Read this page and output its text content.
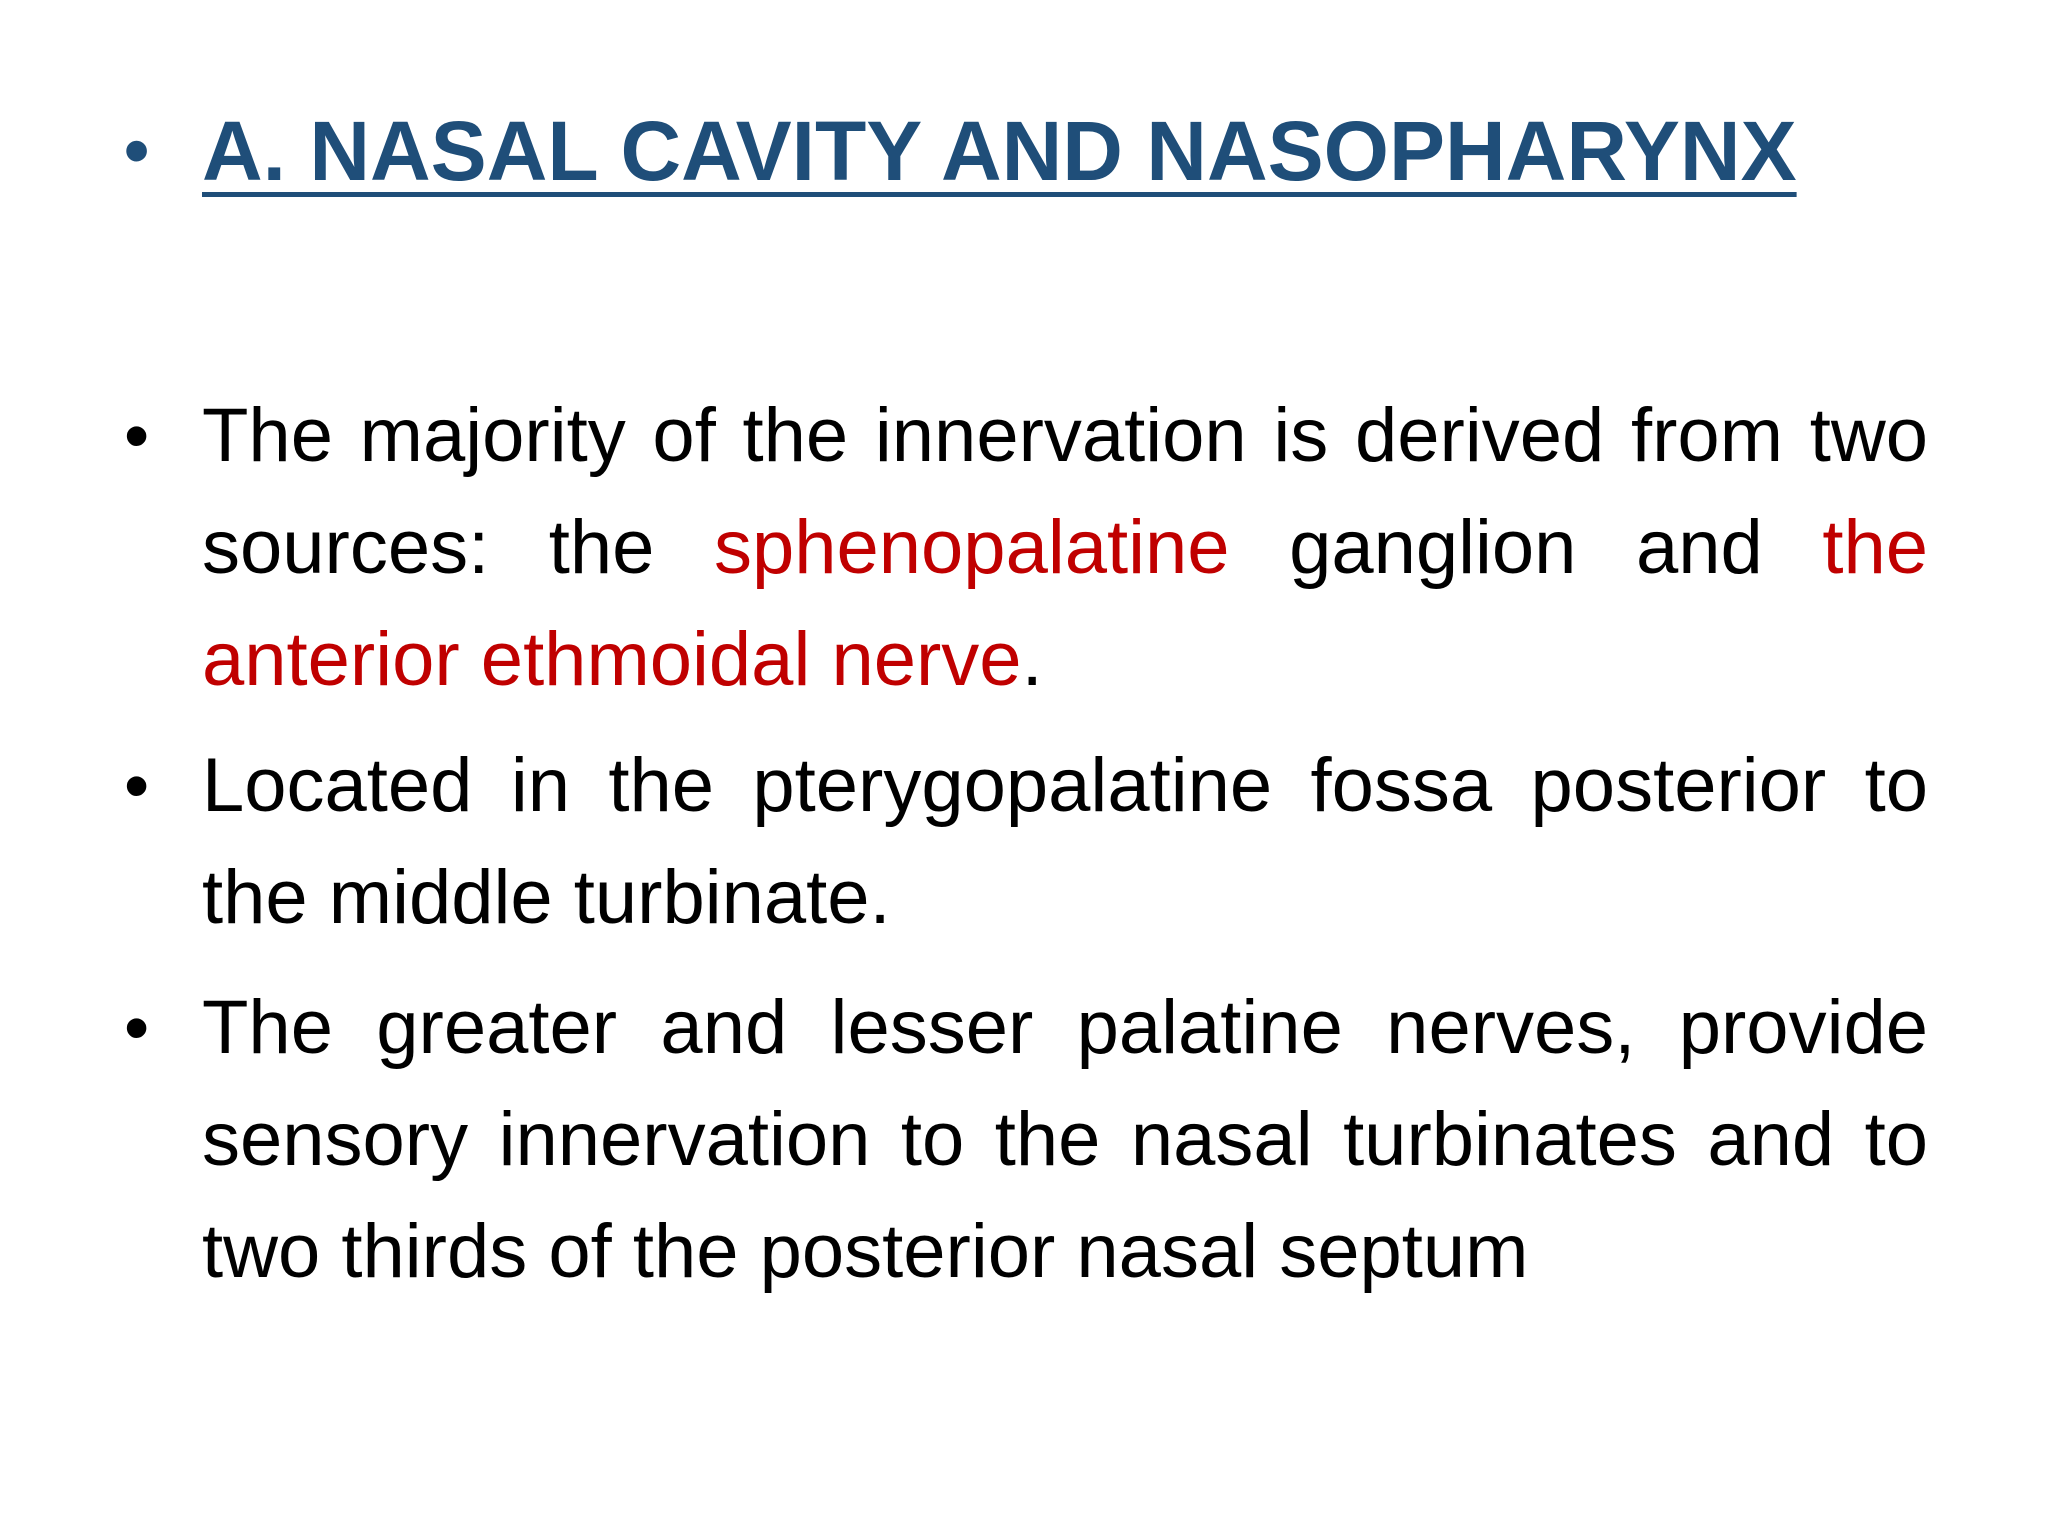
• A. NASAL CAVITY AND NASOPHARYNX
• The majority of the innervation is derived from two sources: the sphenopalatine ganglion and the anterior ethmoidal nerve.
• Located in the pterygopalatine fossa posterior to the middle turbinate.
• The greater and lesser palatine nerves, provide sensory innervation to the nasal turbinates and to two thirds of the posterior nasal septum
